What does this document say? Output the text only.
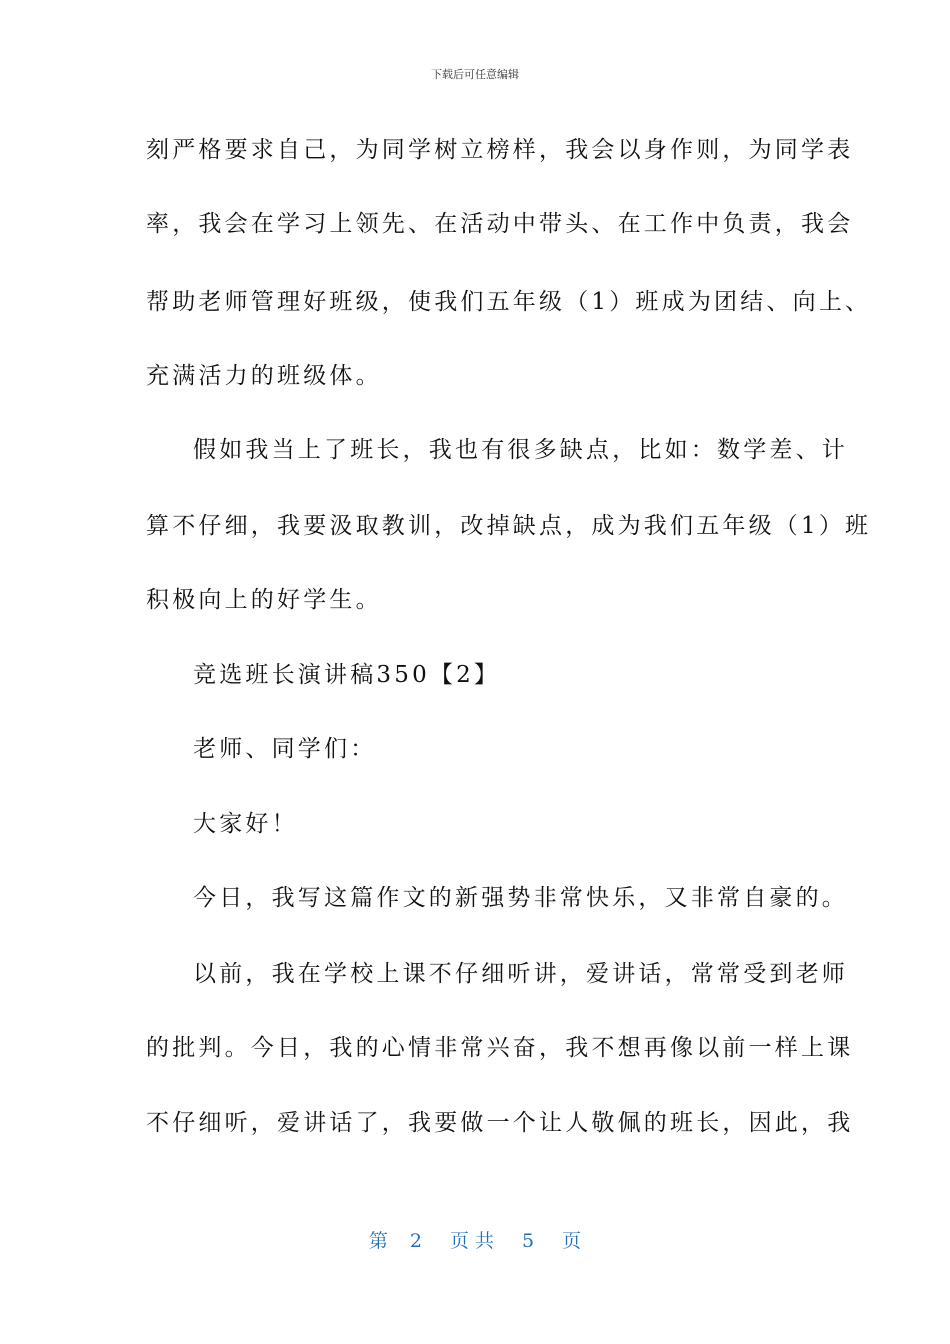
下载后可任意编辑
刻严格要求自己，为同学树立榜样，我会以身作则，为同学表
率，我会在学习上领先、在活动中带头、在工作中负责，我会
帮助老师管理好班级，使我们五年级（1）班成为团结、向上、
充满活力的班级体。
假如我当上了班长，我也有很多缺点，比如：数学差、计
算不仔细，我要汲取教训，改掉缺点，成为我们五年级（1）班
积极向上的好学生。
竞选班长演讲稿350【2】
老师、同学们：
大家好！
今日，我写这篇作文的新强势非常快乐，又非常自豪的。
以前，我在学校上课不仔细听讲，爱讲话，常常受到老师
的批判。今日，我的心情非常兴奋，我不想再像以前一样上课
不仔细听，爱讲话了，我要做一个让人敬佩的班长，因此，我
第 2 页共 5 页
